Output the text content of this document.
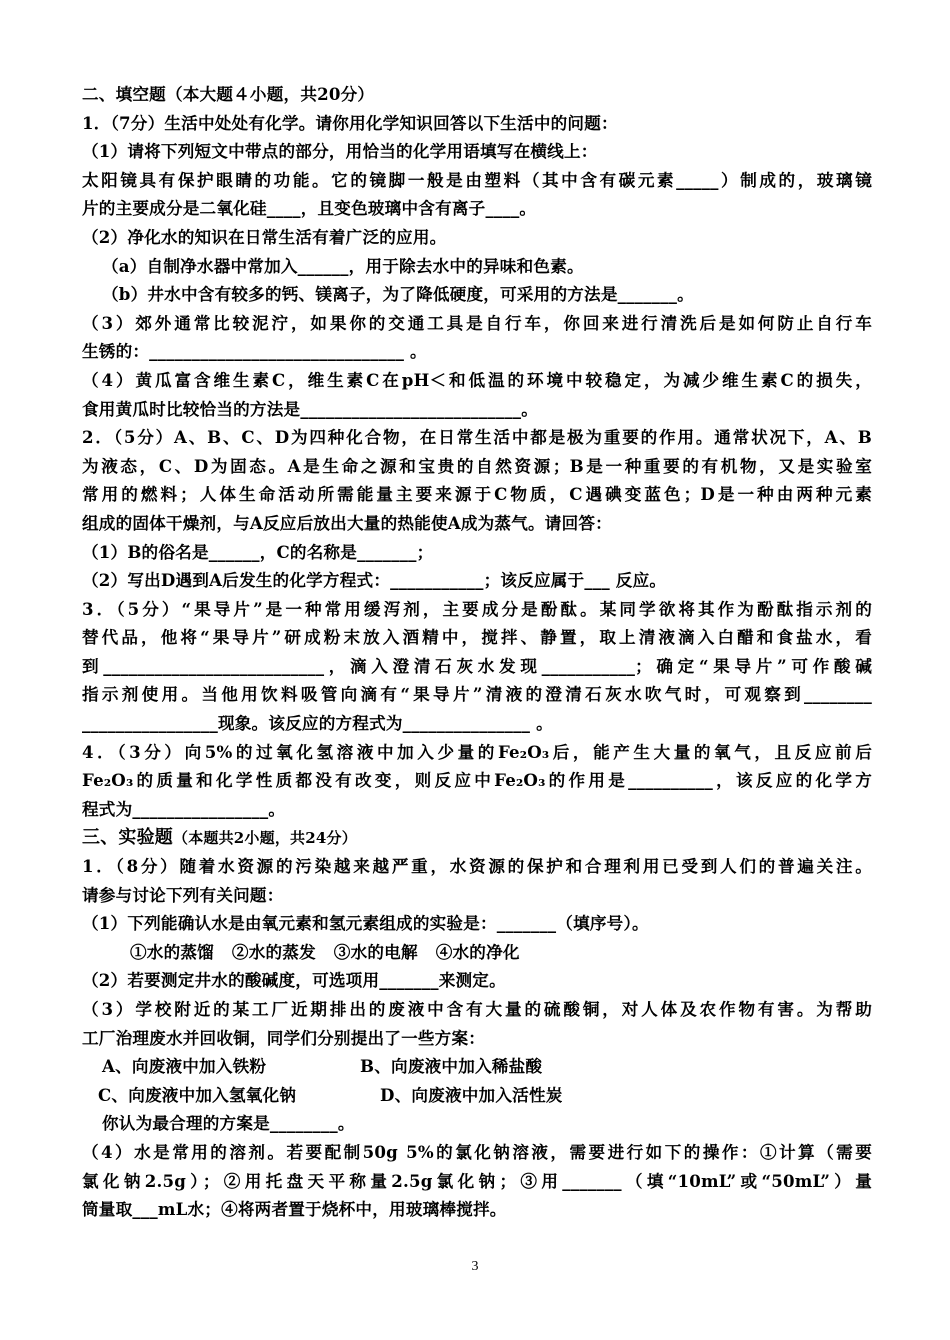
二、填空题（本大题４小题，共20分）
1．（7分）生活中处处有化学。请你用化学知识回答以下生活中的问题：
（1）请将下列短文中带点的部分，用恰当的化学用语填写在横线上：
太阳镜具有保护眼睛的功能。它的镜脚一般是由塑料（其中含有碳元素_____）制成的，玻璃镜
片的主要成分是二氧化硅____，且变色玻璃中含有离子____。
（2）净化水的知识在日常生活有着广泛的应用。
（a）自制净水器中常加入______，用于除去水中的异味和色素。
（b）井水中含有较多的钙、镁离子，为了降低硬度，可采用的方法是_______。
（3）郊外通常比较泥泞，如果你的交通工具是自行车，你回来进行清洗后是如何防止自行车
生锈的：______________________________ 。
（4）黄瓜富含维生素C，维生素C在pH＜和低温的环境中较稳定，为减少维生素C的损失，
食用黄瓜时比较恰当的方法是__________________________。
2．（5分）A、B、C、D为四种化合物，在日常生活中都是极为重要的作用。通常状况下，A、B
为液态，C、D为固态。A是生命之源和宝贵的自然资源；B是一种重要的有机物，又是实验室
常用的燃料；人体生命活动所需能量主要来源于C物质，C遇碘变蓝色；D是一种由两种元素
组成的固体干燥剂，与A反应后放出大量的热能使A成为蒸气。请回答：
（1）B的俗名是______，C的名称是_______；
（2）写出D遇到A后发生的化学方程式：___________；该反应属于___ 反应。
3．（5分）“果导片”是一种常用缓泻剂，主要成分是酚酞。某同学欲将其作为酚酞指示剂的
替代品，他将“果导片”研成粉末放入酒精中，搅拌、静置，取上清液滴入白醋和食盐水，看
到__________________________，滴入澄清石灰水发现___________；确定“果导片”可作酸碱
指示剂使用。当他用饮料吸管向滴有“果导片”清液的澄清石灰水吹气时，可观察到________
________________现象。该反应的方程式为_______________ 。
4．（3分）向5%的过氧化氢溶液中加入少量的Fe₂O₃后，能产生大量的氧气，且反应前后
Fe₂O₃的质量和化学性质都没有改变，则反应中Fe₂O₃的作用是__________，该反应的化学方
程式为________________。
三、实验题（本题共2小题，共24分）
1．（8分）随着水资源的污染越来越严重，水资源的保护和合理利用已受到人们的普遍关注。
请参与讨论下列有关问题：
（1）下列能确认水是由氧元素和氢元素组成的实验是：_______（填序号）。
①水的蒸馏   ②水的蒸发   ③水的电解   ④水的净化
（2）若要测定井水的酸碱度，可选项用_______来测定。
（3）学校附近的某工厂近期排出的废液中含有大量的硫酸铜，对人体及农作物有害。为帮助
工厂治理废水并回收铜，同学们分别提出了一些方案：
A、向废液中加入铁粉	B、向废液中加入稀盐酸
C、向废液中加入氢氧化钠	D、向废液中加入活性炭
你认为最合理的方案是________。
（4）水是常用的溶剂。若要配制50g 5%的氯化钠溶液，需要进行如下的操作：①计算（需要
氯化钠2.5g）；②用托盘天平称量2.5g氯化钠；③用_______（填“10mL”或“50mL”）量
筒量取___mL水；④将两者置于烧杯中，用玻璃棒搅拌。
3
